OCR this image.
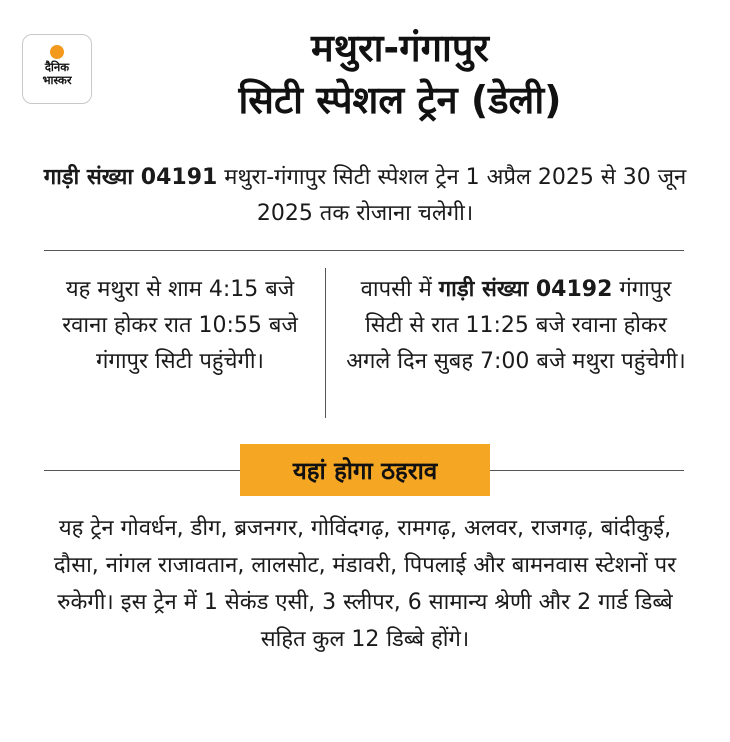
दैनिक
भास्कर
मथुरा-गंगापुर
सिटी स्पेशल ट्रेन (डेली)
गाड़ी संख्या 04191 मथुरा-गंगापुर सिटी स्पेशल ट्रेन 1 अप्रैल 2025 से 30 जून 2025 तक रोजाना चलेगी।
यह मथुरा से शाम 4:15 बजे रवाना होकर रात 10:55 बजे गंगापुर सिटी पहुंचेगी।
वापसी में गाड़ी संख्या 04192 गंगापुर सिटी से रात 11:25 बजे रवाना होकर अगले दिन सुबह 7:00 बजे मथुरा पहुंचेगी।
यहां होगा ठहराव
यह ट्रेन गोवर्धन, डीग, ब्रजनगर, गोविंदगढ़, रामगढ़, अलवर, राजगढ़, बांदीकुई, दौसा, नांगल राजावतान, लालसोट, मंडावरी, पिपलाई और बामनवास स्टेशनों पर रुकेगी। इस ट्रेन में 1 सेकंड एसी, 3 स्लीपर, 6 सामान्य श्रेणी और 2 गार्ड डिब्बे सहित कुल 12 डिब्बे होंगे।
